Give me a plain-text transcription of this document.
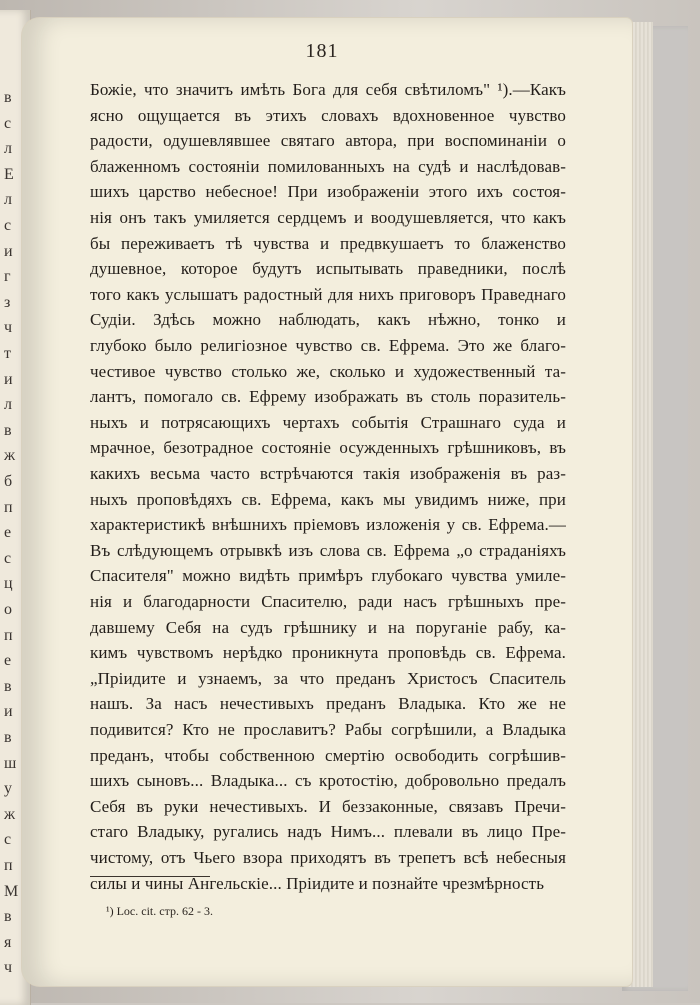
в
с
л
Е
л
с
и
г
з
ч
т
и
л
в
ж
б
п
е
с
ц
о
п
е
в
и
в
ш
у
ж
с
п
М
в
я
ч
181
¹) Loc. cit. стр. 62 - 3.
Божіе, что значитъ имѣть Бога для себя свѣтиломъ" ¹).—Какъ
ясно ощущается въ этихъ словахъ вдохновенное чувство
радости, одушевлявшее святаго автора, при воспоминаніи о
блаженномъ состояніи помилованныхъ на судѣ и наслѣдовав-
шихъ царство небесное! При изображеніи этого ихъ состоя-
нія онъ такъ умиляется сердцемъ и воодушевляется, что какъ
бы переживаетъ тѣ чувства и предвкушаетъ то блаженство
душевное, которое будутъ испытывать праведники, послѣ
того какъ услышатъ радостный для нихъ приговоръ Праведнаго
Судіи. Здѣсь можно наблюдать, какъ нѣжно, тонко и
глубоко было религіозное чувство св. Ефрема. Это же благо-
честивое чувство столько же, сколько и художественный та-
лантъ, помогало св. Ефрему изображать въ столь поразитель-
ныхъ и потрясающихъ чертахъ событія Страшнаго суда и
мрачное, безотрадное состояніе осужденныхъ грѣшниковъ, въ
какихъ весьма часто встрѣчаются такія изображенія въ раз-
ныхъ проповѣдяхъ св. Ефрема, какъ мы увидимъ ниже, при
характеристикѣ внѣшнихъ пріемовъ изложенія у св. Ефрема.—
Въ слѣдующемъ отрывкѣ изъ слова св. Ефрема „о страданіяхъ
Спасителя" можно видѣть примѣръ глубокаго чувства умиле-
нія и благодарности Спасителю, ради насъ грѣшныхъ пре-
давшему Себя на судъ грѣшнику и на поруганіе рабу, ка-
кимъ чувствомъ нерѣдко проникнута проповѣдь св. Ефрема.
„Пріидите и узнаемъ, за что преданъ Христосъ Спаситель
нашъ. За насъ нечестивыхъ преданъ Владыка. Кто же не
подивится? Кто не прославитъ? Рабы согрѣшили, а Владыка
преданъ, чтобы собственною смертію освободить согрѣшив-
шихъ сыновъ... Владыка... съ кротостію, добровольно предалъ
Себя въ руки нечестивыхъ. И беззаконные, связавъ Пречи-
стаго Владыку, ругались надъ Нимъ... плевали въ лицо Пре-
чистому, отъ Чьего взора приходятъ въ трепетъ всѣ небесныя
силы и чины Ангельскіе... Пріидите и познайте чрезмѣрность
